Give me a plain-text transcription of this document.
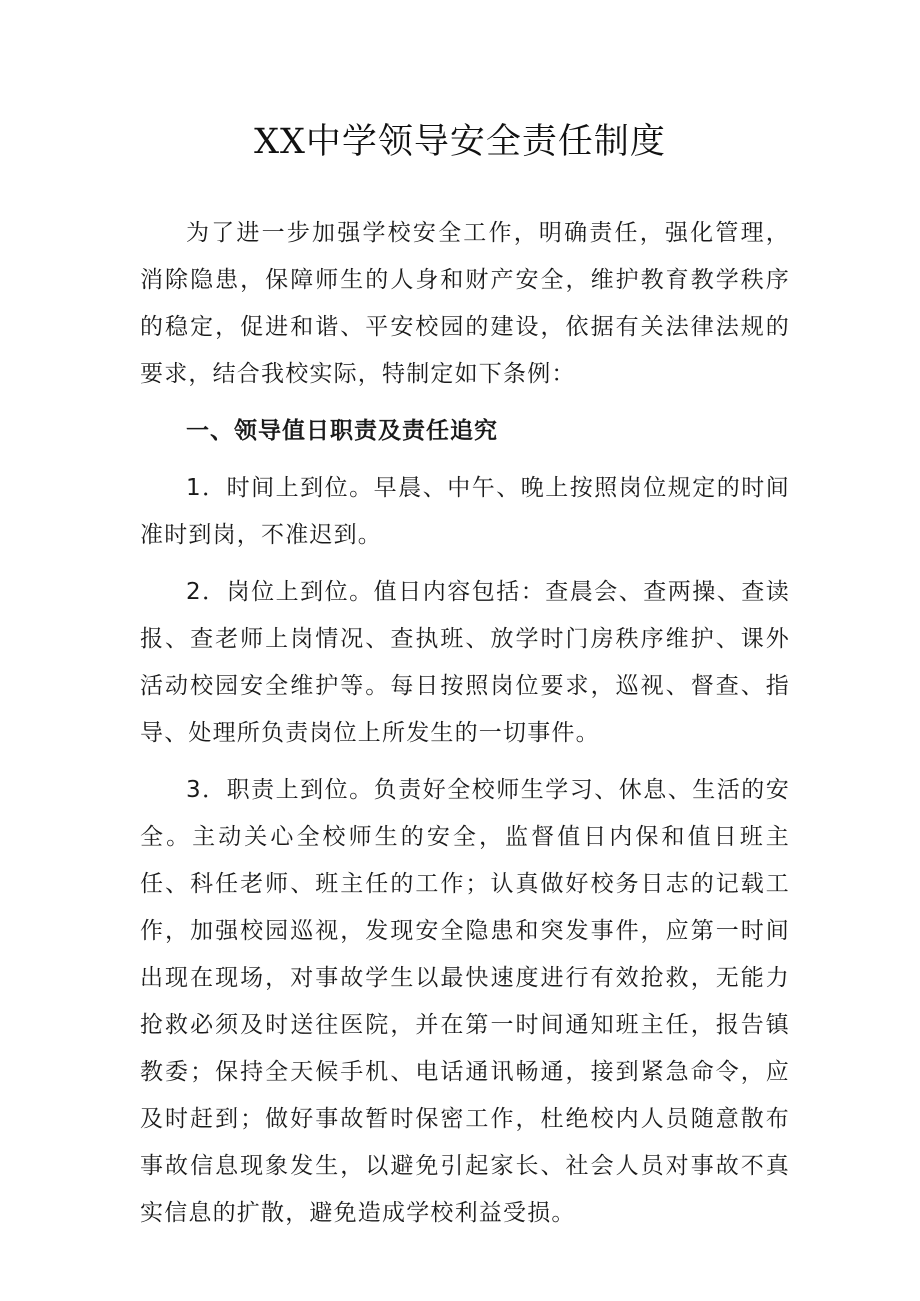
XX中学领导安全责任制度

为了进一步加强学校安全工作，明确责任，强化管理，消除隐患，保障师生的人身和财产安全，维护教育教学秩序的稳定，促进和谐、平安校园的建设，依据有关法律法规的要求，结合我校实际，特制定如下条例：

一、领导值日职责及责任追究

1．时间上到位。早晨、中午、晚上按照岗位规定的时间准时到岗，不准迟到。

2．岗位上到位。值日内容包括：查晨会、查两操、查读报、查老师上岗情况、查执班、放学时门房秩序维护、课外活动校园安全维护等。每日按照岗位要求，巡视、督查、指导、处理所负责岗位上所发生的一切事件。

3．职责上到位。负责好全校师生学习、休息、生活的安全。主动关心全校师生的安全，监督值日内保和值日班主任、科任老师、班主任的工作；认真做好校务日志的记载工作，加强校园巡视，发现安全隐患和突发事件，应第一时间出现在现场，对事故学生以最快速度进行有效抢救，无能力抢救必须及时送往医院，并在第一时间通知班主任，报告镇教委；保持全天候手机、电话通讯畅通，接到紧急命令，应及时赶到；做好事故暂时保密工作，杜绝校内人员随意散布事故信息现象发生，以避免引起家长、社会人员对事故不真实信息的扩散，避免造成学校利益受损。
